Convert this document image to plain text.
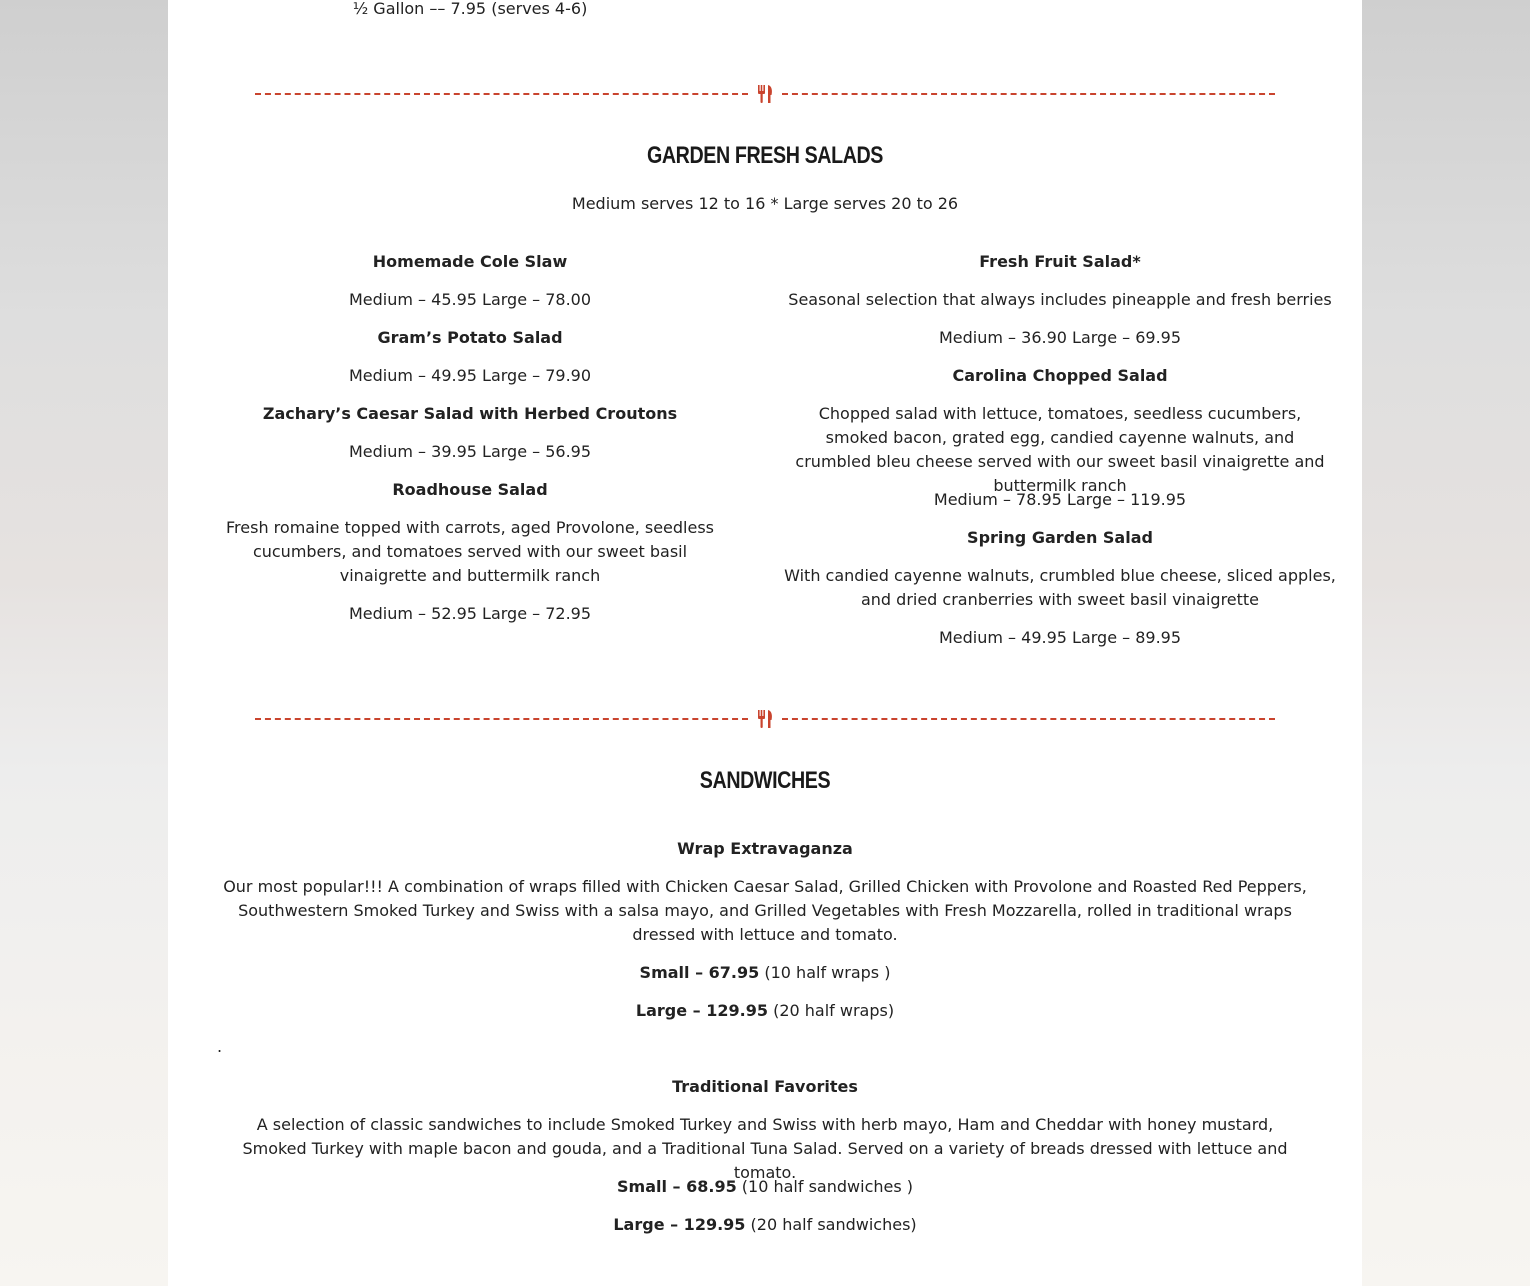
½ Gallon –– 7.95 (serves 4-6)
GARDEN FRESH SALADS
Medium serves 12 to 16 * Large serves 20 to 26
Homemade Cole Slaw
Medium – 45.95 Large – 78.00
Gram’s Potato Salad
Medium – 49.95 Large – 79.90
Zachary’s Caesar Salad with Herbed Croutons
Medium – 39.95 Large – 56.95
Roadhouse Salad
Fresh romaine topped with carrots, aged Provolone, seedless cucumbers, and tomatoes served with our sweet basil vinaigrette and buttermilk ranch
Medium – 52.95 Large – 72.95
Fresh Fruit Salad*
Seasonal selection that always includes pineapple and fresh berries
Medium – 36.90 Large – 69.95
Carolina Chopped Salad
Chopped salad with lettuce, tomatoes, seedless cucumbers, smoked bacon, grated egg, candied cayenne walnuts, and crumbled bleu cheese served with our sweet basil vinaigrette and buttermilk ranch
Medium – 78.95 Large – 119.95
Spring Garden Salad
With candied cayenne walnuts, crumbled blue cheese, sliced apples, and dried cranberries with sweet basil vinaigrette
Medium – 49.95 Large – 89.95
SANDWICHES
Wrap Extravaganza
Our most popular!!! A combination of wraps filled with Chicken Caesar Salad, Grilled Chicken with Provolone and Roasted Red Peppers, Southwestern Smoked Turkey and Swiss with a salsa mayo, and Grilled Vegetables with Fresh Mozzarella, rolled in traditional wraps dressed with lettuce and tomato.
Small – 67.95 (10 half wraps )
Large – 129.95 (20 half wraps)
.
Traditional Favorites
A selection of classic sandwiches to include Smoked Turkey and Swiss with herb mayo, Ham and Cheddar with honey mustard, Smoked Turkey with maple bacon and gouda, and a Traditional Tuna Salad. Served on a variety of breads dressed with lettuce and tomato.
Small – 68.95 (10 half sandwiches )
Large – 129.95 (20 half sandwiches)
